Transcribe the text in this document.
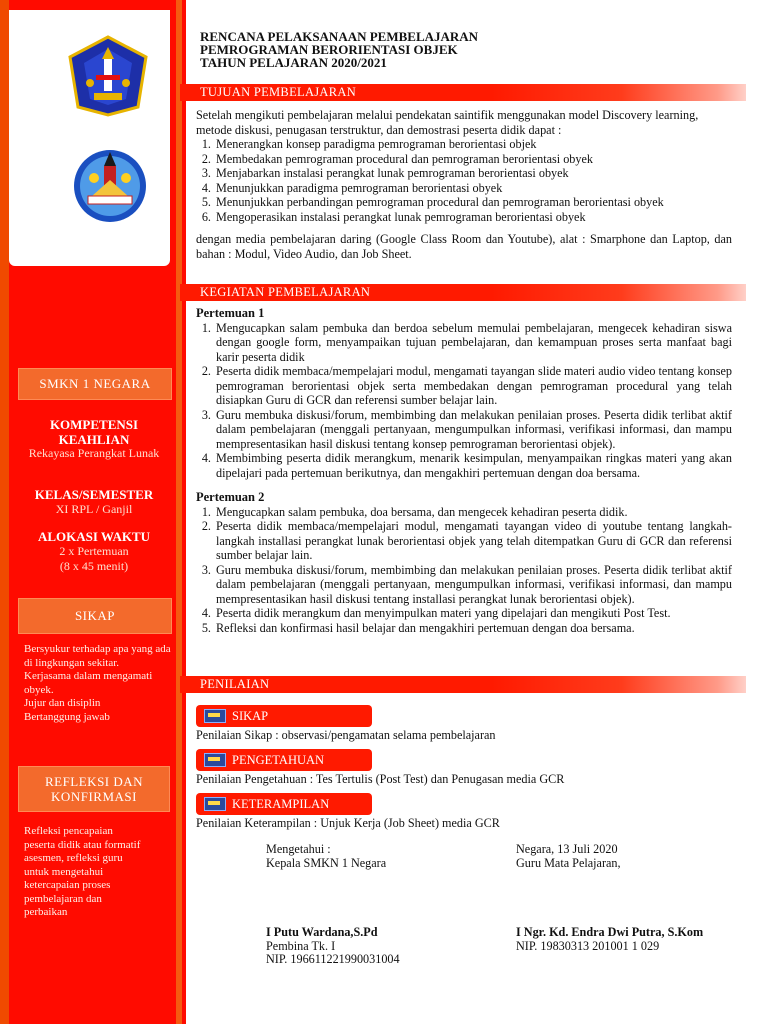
SMKN 1 NEGARA
KOMPETENSI KEAHLIAN
Rekayasa Perangkat Lunak
KELAS/SEMESTER
XI RPL / Ganjil
ALOKASI WAKTU
2 x Pertemuan
(8 x 45 menit)
SIKAP
Bersyukur terhadap apa yang ada di lingkungan sekitar.
Kerjasama dalam mengamati obyek.
Jujur dan disiplin
Bertanggung jawab
REFLEKSI DAN KONFIRMASI
Refleksi pencapaian peserta didik atau formatif asesmen, refleksi guru untuk mengetahui ketercapaian proses pembelajaran dan perbaikan
RENCANA PELAKSANAAN PEMBELAJARAN
PEMROGRAMAN BERORIENTASI OBJEK
TAHUN PELAJARAN 2020/2021
TUJUAN PEMBELAJARAN
Setelah mengikuti pembelajaran melalui pendekatan saintifik menggunakan model Discovery learning, metode diskusi, penugasan terstruktur, dan demostrasi peserta didik dapat :
1. Menerangkan konsep paradigma pemrograman berorientasi objek
2. Membedakan pemrograman procedural dan pemrograman berorientasi obyek
3. Menjabarkan instalasi perangkat lunak pemrograman berorientasi obyek
4. Menunjukkan paradigma pemrograman berorientasi obyek
5. Menunjukkan perbandingan pemrograman procedural dan pemrograman berorientasi obyek
6. Mengoperasikan instalasi perangkat lunak pemrograman berorientasi obyek
dengan media pembelajaran daring (Google Class Room dan Youtube), alat : Smarphone dan Laptop, dan bahan : Modul, Video Audio, dan Job Sheet.
KEGIATAN PEMBELAJARAN
Pertemuan 1
1. Mengucapkan salam pembuka dan berdoa sebelum memulai pembelajaran, mengecek kehadiran siswa dengan google form, menyampaikan tujuan pembelajaran, dan kemampuan proses serta manfaat bagi karir peserta didik
2. Peserta didik membaca/mempelajari modul, mengamati tayangan slide materi audio video tentang konsep pemrograman berorientasi objek serta membedakan dengan pemrograman procedural yang telah disiapkan Guru di GCR dan referensi sumber belajar lain.
3. Guru membuka diskusi/forum, membimbing dan melakukan penilaian proses. Peserta didik terlibat aktif dalam pembelajaran (menggali pertanyaan, mengumpulkan informasi, verifikasi informasi, dan mampu mempresentasikan hasil diskusi tentang konsep pemrograman berorientasi objek).
4. Membimbing peserta didik merangkum, menarik kesimpulan, menyampaikan ringkas materi yang akan dipelajari pada pertemuan berikutnya, dan mengakhiri pertemuan dengan doa bersama.
Pertemuan 2
1. Mengucapkan salam pembuka, doa bersama, dan mengecek kehadiran peserta didik.
2. Peserta didik membaca/mempelajari modul, mengamati tayangan video di youtube tentang langkah-langkah installasi perangkat lunak berorientasi objek yang telah ditempatkan Guru di GCR dan referensi sumber belajar lain.
3. Guru membuka diskusi/forum, membimbing dan melakukan penilaian proses. Peserta didik terlibat aktif dalam pembelajaran (menggali pertanyaan, mengumpulkan informasi, verifikasi informasi, dan mampu mempresentasikan hasil diskusi tentang installasi perangkat lunak berorientasi objek).
4. Peserta didik merangkum dan menyimpulkan materi yang dipelajari dan mengikuti Post Test.
5. Refleksi dan konfirmasi hasil belajar dan mengakhiri pertemuan dengan doa bersama.
PENILAIAN
SIKAP
Penilaian Sikap : observasi/pengamatan selama pembelajaran
PENGETAHUAN
Penilaian Pengetahuan : Tes Tertulis (Post Test) dan Penugasan media GCR
KETERAMPILAN
Penilaian Keterampilan : Unjuk Kerja (Job Sheet) media GCR
Mengetahui :
Kepala SMKN 1 Negara
I Putu Wardana,S.Pd
Pembina Tk. I
NIP. 196611221990031004
Negara, 13 Juli 2020
Guru Mata Pelajaran,
I Ngr. Kd. Endra Dwi Putra, S.Kom
NIP. 19830313 201001 1 029
